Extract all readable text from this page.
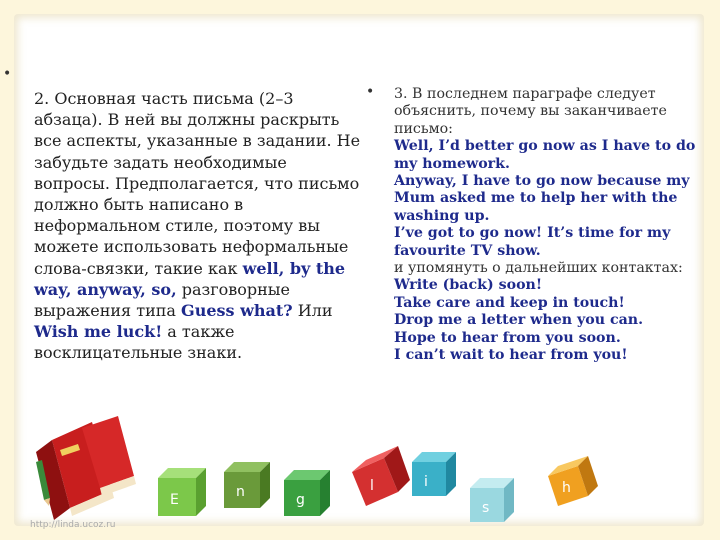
•
2. Основная часть письма (2–3 абзаца). В ней вы должны раскрыть все аспекты, указанные в задании. Не забудьте задать необходимые вопросы. Предполагается, что письмо должно быть написано в неформальном стиле, поэтому вы можете использовать неформальные слова-связки, такие как well, by the way, anyway, so, разговорные выражения типа Guess what? Или Wish me luck! а также восклицательные знаки.
• 3. В последнем параграфе следует
объяснить, почему вы заканчиваете
письмо:
Well, I’d better go now as I have to do
my homework.
Anyway, I have to go now because my
Mum asked me to help her with the
washing up.
I’ve got to go now! It’s time for my
favourite TV show.
и упомянуть о дальнейших контактах:
Write (back) soon!
Take care and keep in touch!
Drop me a letter when you can.
Hope to hear from you soon.
I can’t wait to hear from you!
E	n	g
l	i
s
h
http://linda.ucoz.ru
